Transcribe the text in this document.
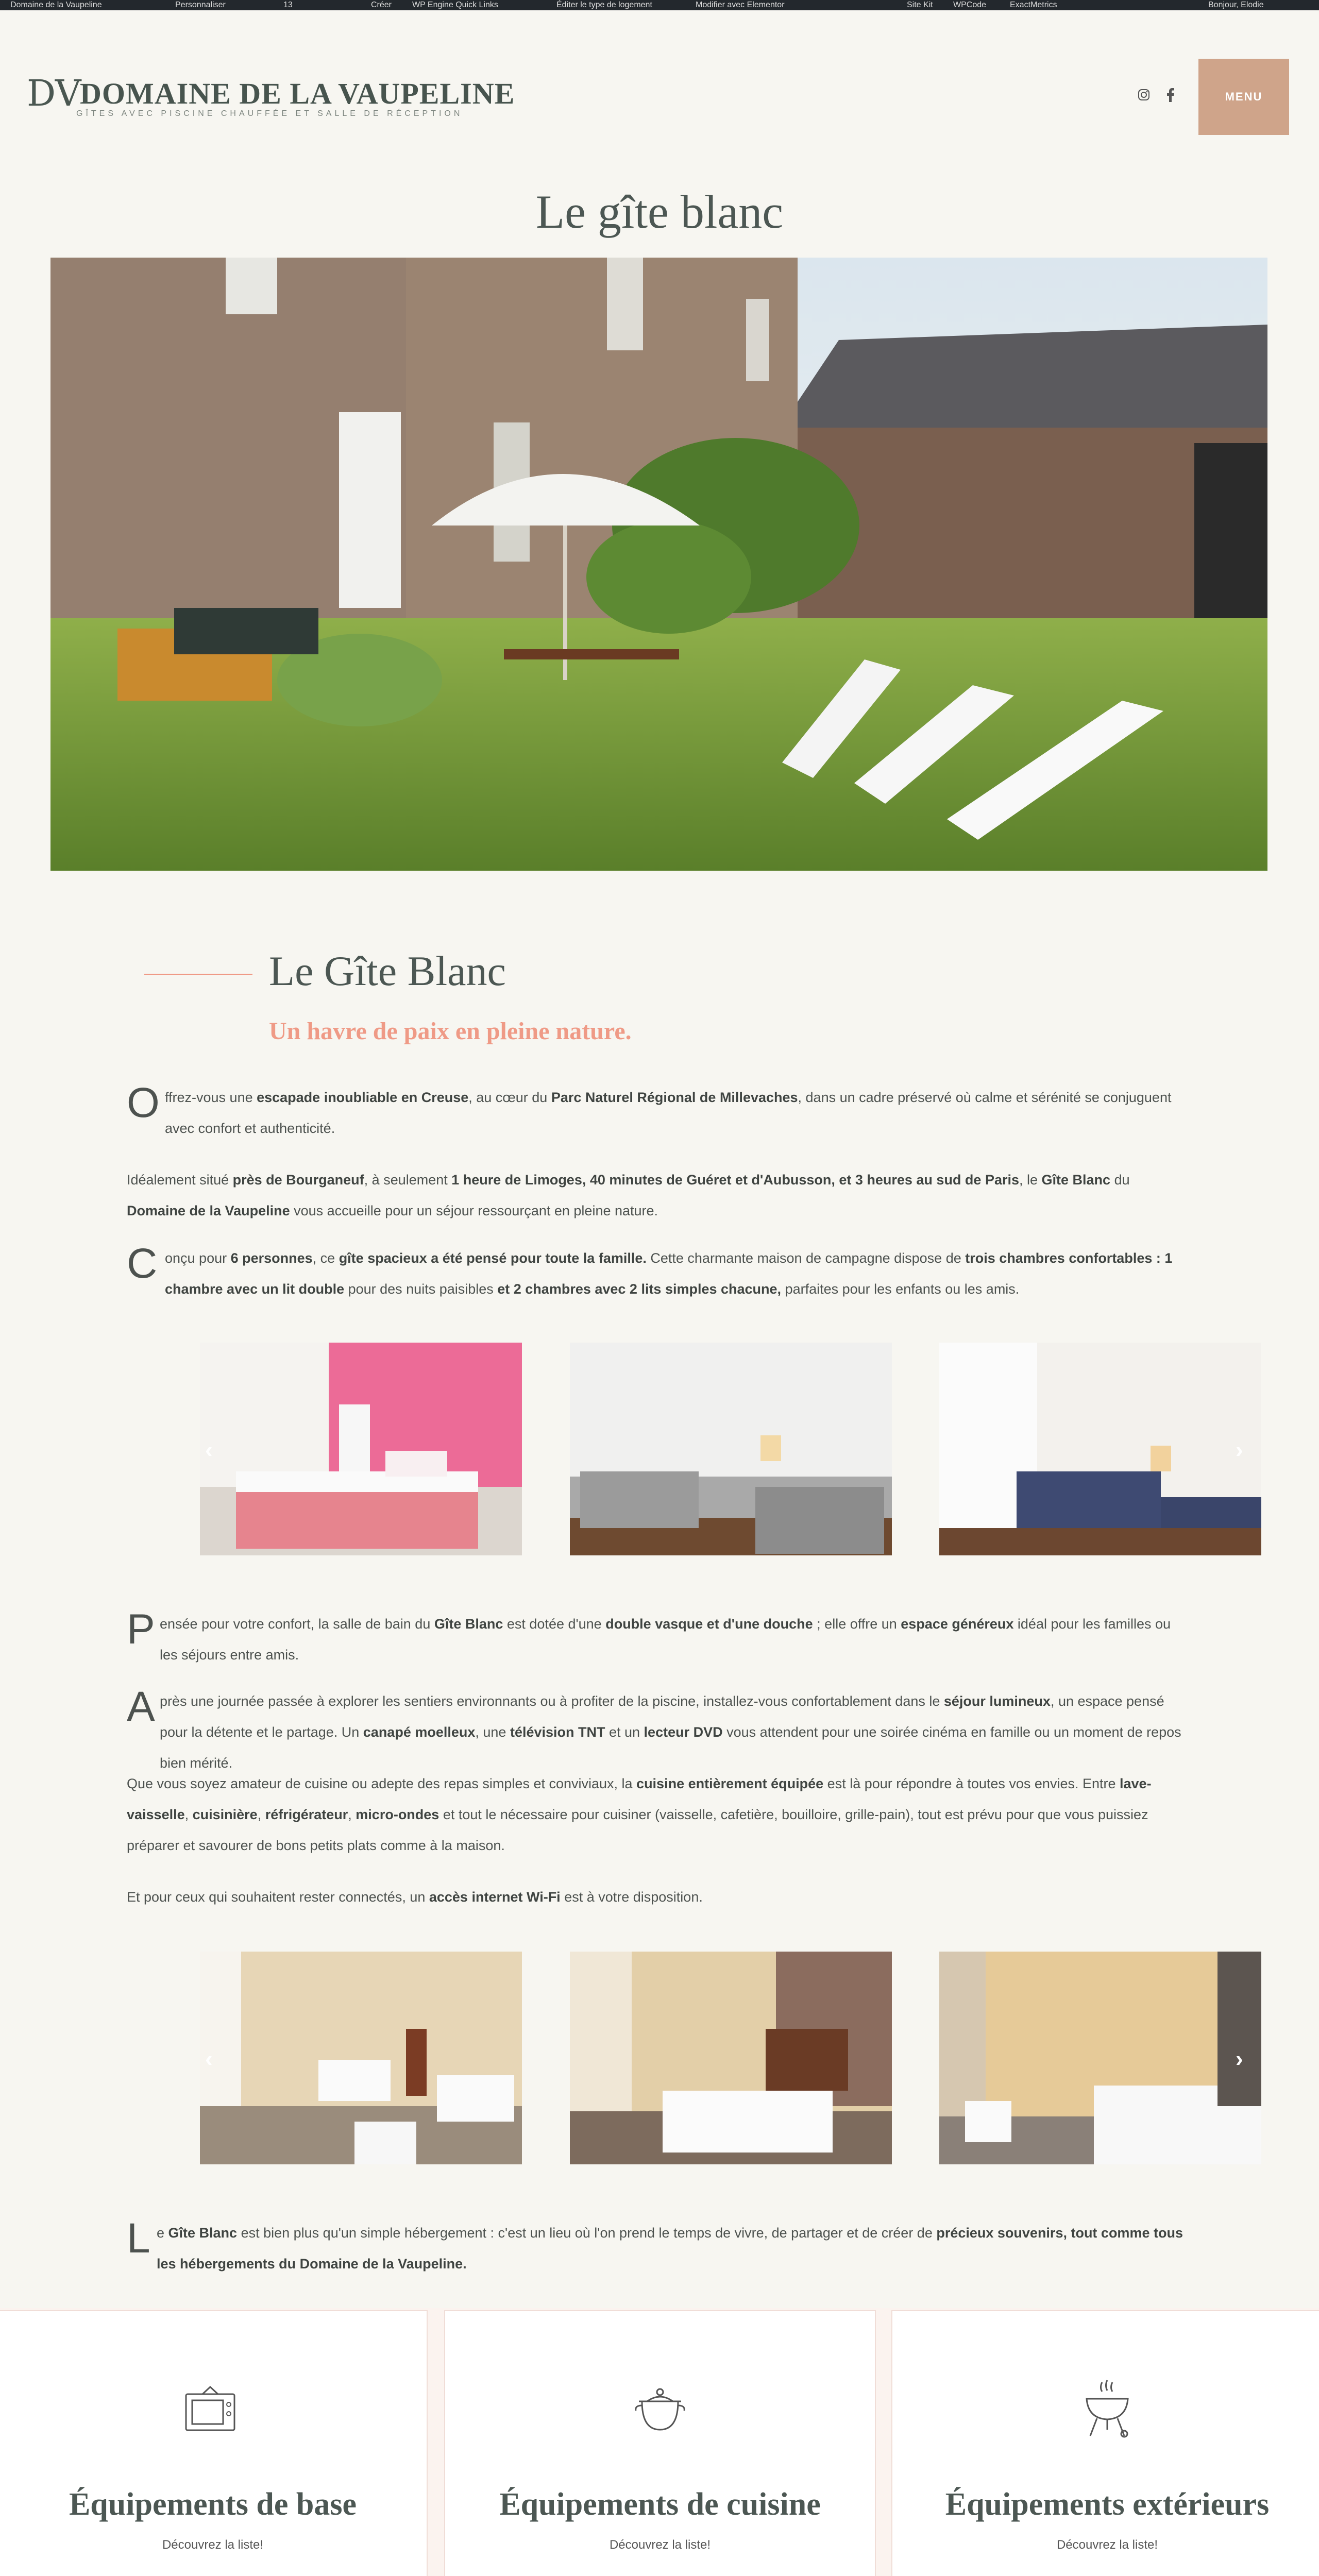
Domaine de la Vaupeline	Personnaliser	13	Créer WP Engine Quick Links	Éditer le type de logement	Modifier avec Elementor	Site Kit WPCode	ExactMetrics	Bonjour, Elodie
DV
DOMAINE DE LA VAUPELINE
GÎTES AVEC PISCINE CHAUFFÉE ET SALLE DE RÉCEPTION
MENU
Le gîte blanc
Le Gîte Blanc
Un havre de paix en pleine nature.
O ffrez-vous une escapade inoubliable en Creuse, au cœur du Parc Naturel Régional de Millevaches, dans un cadre préservé où calme et sérénité se conjuguent avec confort et authenticité.
Idéalement situé près de Bourganeuf, à seulement 1 heure de Limoges, 40 minutes de Guéret et d'Aubusson, et 3 heures au sud de Paris, le Gîte Blanc du Domaine de la Vaupeline vous accueille pour un séjour ressourçant en pleine nature.
C onçu pour 6 personnes, ce gîte spacieux a été pensé pour toute la famille. Cette charmante maison de campagne dispose de trois chambres confortables : 1 chambre avec un lit double pour des nuits paisibles et 2 chambres avec 2 lits simples chacune, parfaites pour les enfants ou les amis.
‹	›
P ensée pour votre confort, la salle de bain du Gîte Blanc est dotée d'une double vasque et d'une douche ; elle offre un espace généreux idéal pour les familles ou les séjours entre amis.
A près une journée passée à explorer les sentiers environnants ou à profiter de la piscine, installez-vous confortablement dans le séjour lumineux, un espace pensé pour la détente et le partage. Un canapé moelleux, une télévision TNT et un lecteur DVD vous attendent pour une soirée cinéma en famille ou un moment de repos bien mérité.
Que vous soyez amateur de cuisine ou adepte des repas simples et conviviaux, la cuisine entièrement équipée est là pour répondre à toutes vos envies. Entre lave-vaisselle, cuisinière, réfrigérateur, micro-ondes et tout le nécessaire pour cuisiner (vaisselle, cafetière, bouilloire, grille-pain), tout est prévu pour que vous puissiez préparer et savourer de bons petits plats comme à la maison.
Et pour ceux qui souhaitent rester connectés, un accès internet Wi-Fi est à votre disposition.
‹	›
L e Gîte Blanc est bien plus qu'un simple hébergement : c'est un lieu où l'on prend le temps de vivre, de partager et de créer de précieux souvenirs, tout comme tous les hébergements du Domaine de la Vaupeline.
Équipements de base
Découvrez la liste!
Équipements de cuisine
Découvrez la liste!
Équipements extérieurs
Découvrez la liste!
